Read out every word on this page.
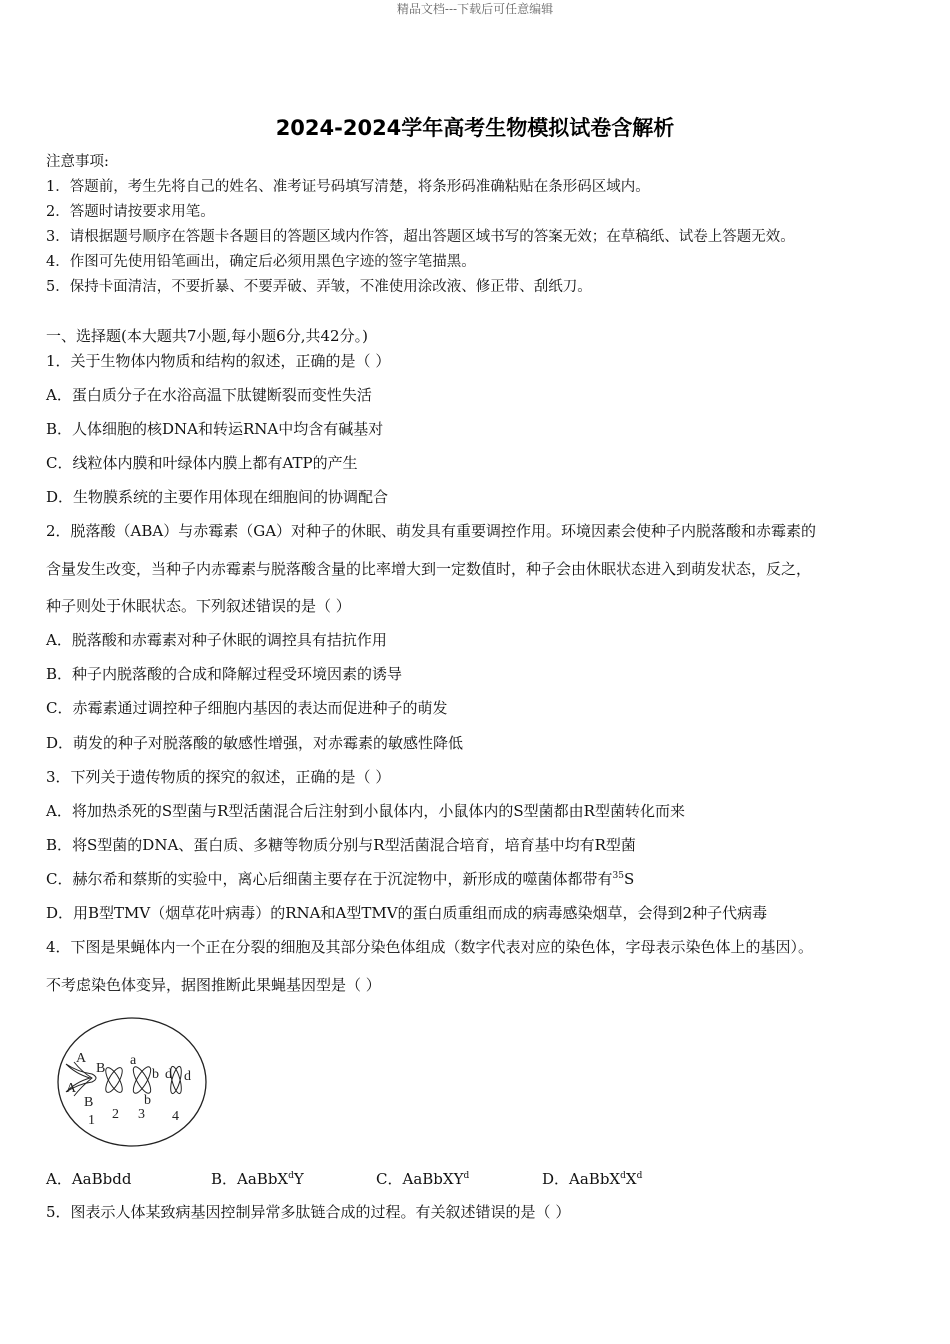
精品文档---下载后可任意编辑
2024-2024学年高考生物模拟试卷含解析
注意事项:
1．答题前，考生先将自己的姓名、准考证号码填写清楚，将条形码准确粘贴在条形码区域内。
2．答题时请按要求用笔。
3．请根据题号顺序在答题卡各题目的答题区域内作答，超出答题区域书写的答案无效；在草稿纸、试卷上答题无效。
4．作图可先使用铅笔画出，确定后必须用黑色字迹的签字笔描黑。
5．保持卡面清洁，不要折暴、不要弄破、弄皱，不准使用涂改液、修正带、刮纸刀。
一、选择题(本大题共7小题,每小题6分,共42分。)
1．关于生物体内物质和结构的叙述，正确的是（ ）
A．蛋白质分子在水浴高温下肽键断裂而变性失活
B．人体细胞的核DNA和转运RNA中均含有碱基对
C．线粒体内膜和叶绿体内膜上都有ATP的产生
D．生物膜系统的主要作用体现在细胞间的协调配合
2．脱落酸（ABA）与赤霉素（GA）对种子的休眠、萌发具有重要调控作用。环境因素会使种子内脱落酸和赤霉素的
含量发生改变，当种子内赤霉素与脱落酸含量的比率增大到一定数值时，种子会由休眠状态进入到萌发状态，反之，
种子则处于休眠状态。下列叙述错误的是（ ）
A．脱落酸和赤霉素对种子休眠的调控具有拮抗作用
B．种子内脱落酸的合成和降解过程受环境因素的诱导
C．赤霉素通过调控种子细胞内基因的表达而促进种子的萌发
D．萌发的种子对脱落酸的敏感性增强，对赤霉素的敏感性降低
3．下列关于遗传物质的探究的叙述，正确的是（ ）
A．将加热杀死的S型菌与R型活菌混合后注射到小鼠体内，小鼠体内的S型菌都由R型菌转化而来
B．将S型菌的DNA、蛋白质、多糖等物质分别与R型活菌混合培育，培育基中均有R型菌
C．赫尔希和蔡斯的实验中，离心后细菌主要存在于沉淀物中，新形成的噬菌体都带有$^{35}$S
D．用B型TMV（烟草花叶病毒）的RNA和A型TMV的蛋白质重组而成的病毒感染烟草，会得到2种子代病毒
4．下图是果蝇体内一个正在分裂的细胞及其部分染色体组成（数字代表对应的染色体，字母表示染色体上的基因）。
不考虑染色体变异，据图推断此果蝇基因型是（ ）
A
B
a
b d d
A
B	b
1 2 3 4
A．AaBbdd	B．AaBbX$^d$Y	C．AaBbXY$^d$	D．$AaBbX^dX^d$
5．图表示人体某致病基因控制异常多肽链合成的过程。有关叙述错误的是（ ）
